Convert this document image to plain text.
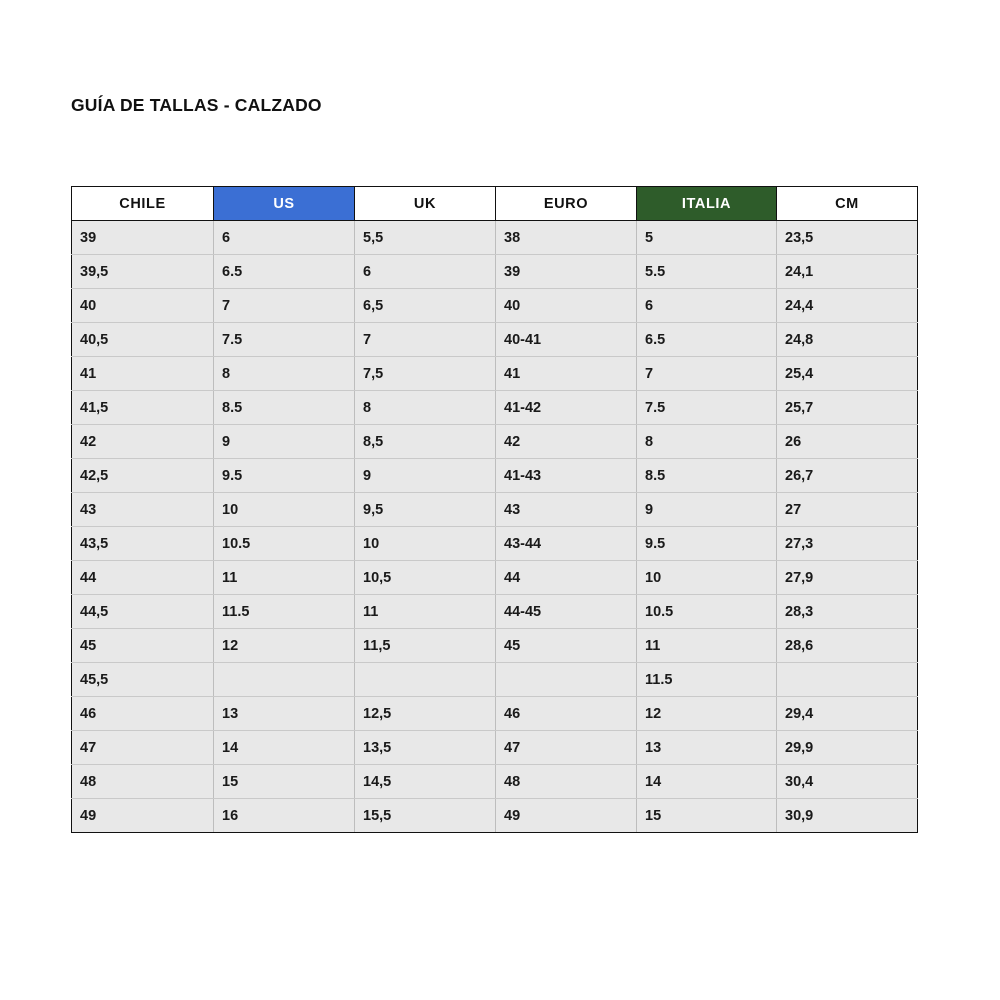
GUÍA DE TALLAS - CALZADO
CHILE	US	UK	EURO	ITALIA	CM
39	6	5,5	38	5	23,5
39,5	6.5	6	39	5.5	24,1
40	7	6,5	40	6	24,4
40,5	7.5	7	40-41	6.5	24,8
41	8	7,5	41	7	25,4
41,5	8.5	8	41-42	7.5	25,7
42	9	8,5	42	8	26
42,5	9.5	9	41-43	8.5	26,7
43	10	9,5	43	9	27
43,5	10.5	10	43-44	9.5	27,3
44	11	10,5	44	10	27,9
44,5	11.5	11	44-45	10.5	28,3
45	12	11,5	45	11	28,6
45,5				11.5	
46	13	12,5	46	12	29,4
47	14	13,5	47	13	29,9
48	15	14,5	48	14	30,4
49	16	15,5	49	15	30,9
